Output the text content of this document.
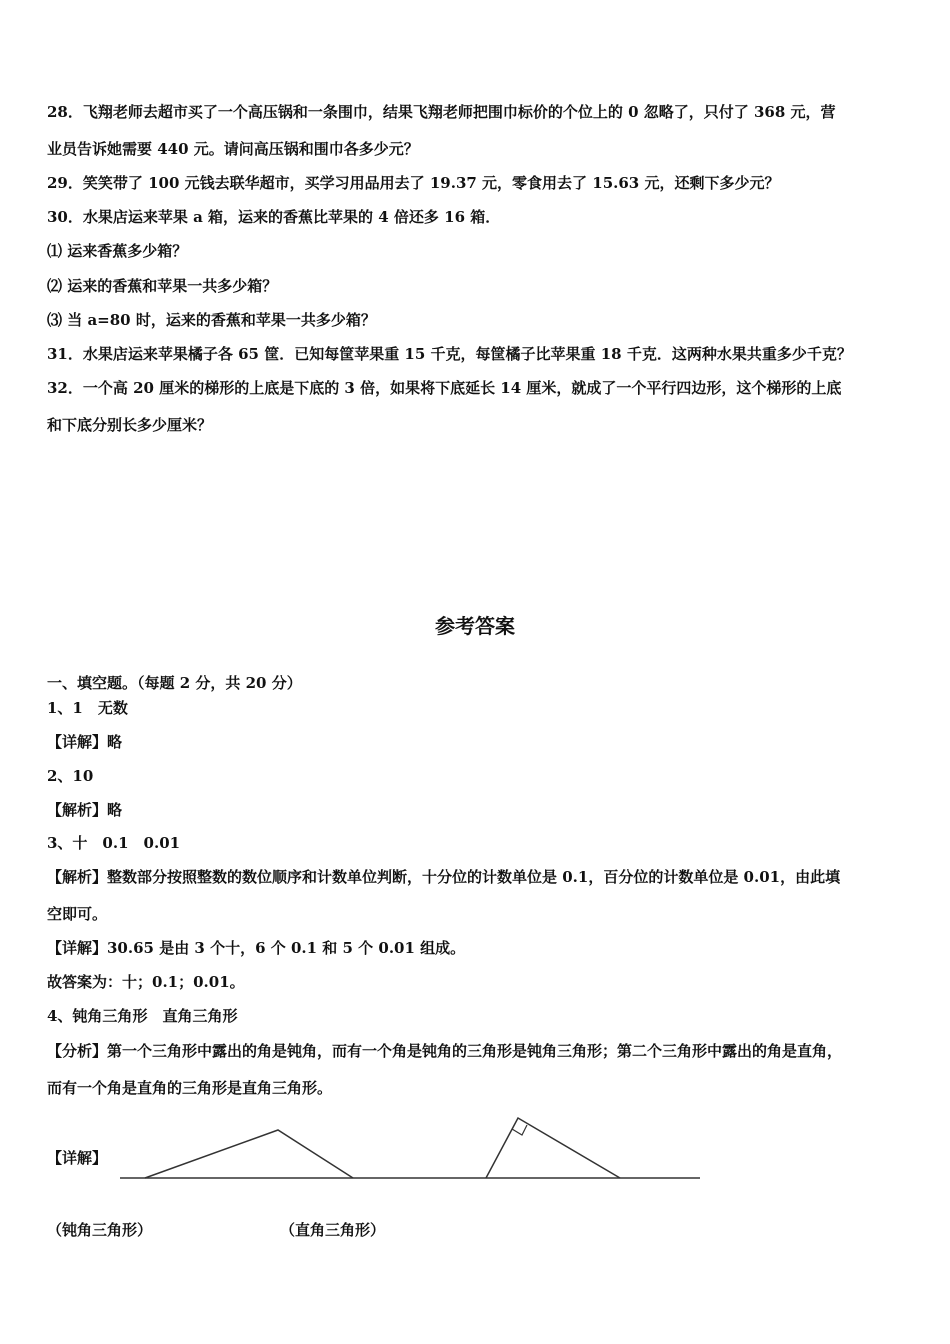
28．飞翔老师去超市买了一个高压锅和一条围巾，结果飞翔老师把围巾标价的个位上的 0 忽略了，只付了 368 元，营
业员告诉她需要 440 元。请问高压锅和围巾各多少元？
29．笑笑带了 100 元钱去联华超市，买学习用品用去了 19.37 元，零食用去了 15.63 元，还剩下多少元？
30．水果店运来苹果 a 箱，运来的香蕉比苹果的 4 倍还多 16 箱．
⑴ 运来香蕉多少箱？
⑵ 运来的香蕉和苹果一共多少箱？
⑶ 当 a=80 时，运来的香蕉和苹果一共多少箱？
31．水果店运来苹果橘子各 65 筐．已知每筐苹果重 15 千克，每筐橘子比苹果重 18 千克．这两种水果共重多少千克？
32．一个高 20 厘米的梯形的上底是下底的 3 倍，如果将下底延长 14 厘米，就成了一个平行四边形，这个梯形的上底
和下底分别长多少厘米？
参考答案
一、填空题。（每题 2 分，共 20 分）
1、1　无数
【详解】略
2、10
【解析】略
3、十　0.1　0.01
【解析】整数部分按照整数的数位顺序和计数单位判断，十分位的计数单位是 0.1，百分位的计数单位是 0.01，由此填
空即可。
【详解】30.65 是由 3 个十，6 个 0.1 和 5 个 0.01 组成。
故答案为：十；0.1；0.01。
4、钝角三角形　直角三角形
【分析】第一个三角形中露出的角是钝角，而有一个角是钝角的三角形是钝角三角形；第二个三角形中露出的角是直角，
而有一个角是直角的三角形是直角三角形。
【详解】
（钝角三角形）	（直角三角形）
